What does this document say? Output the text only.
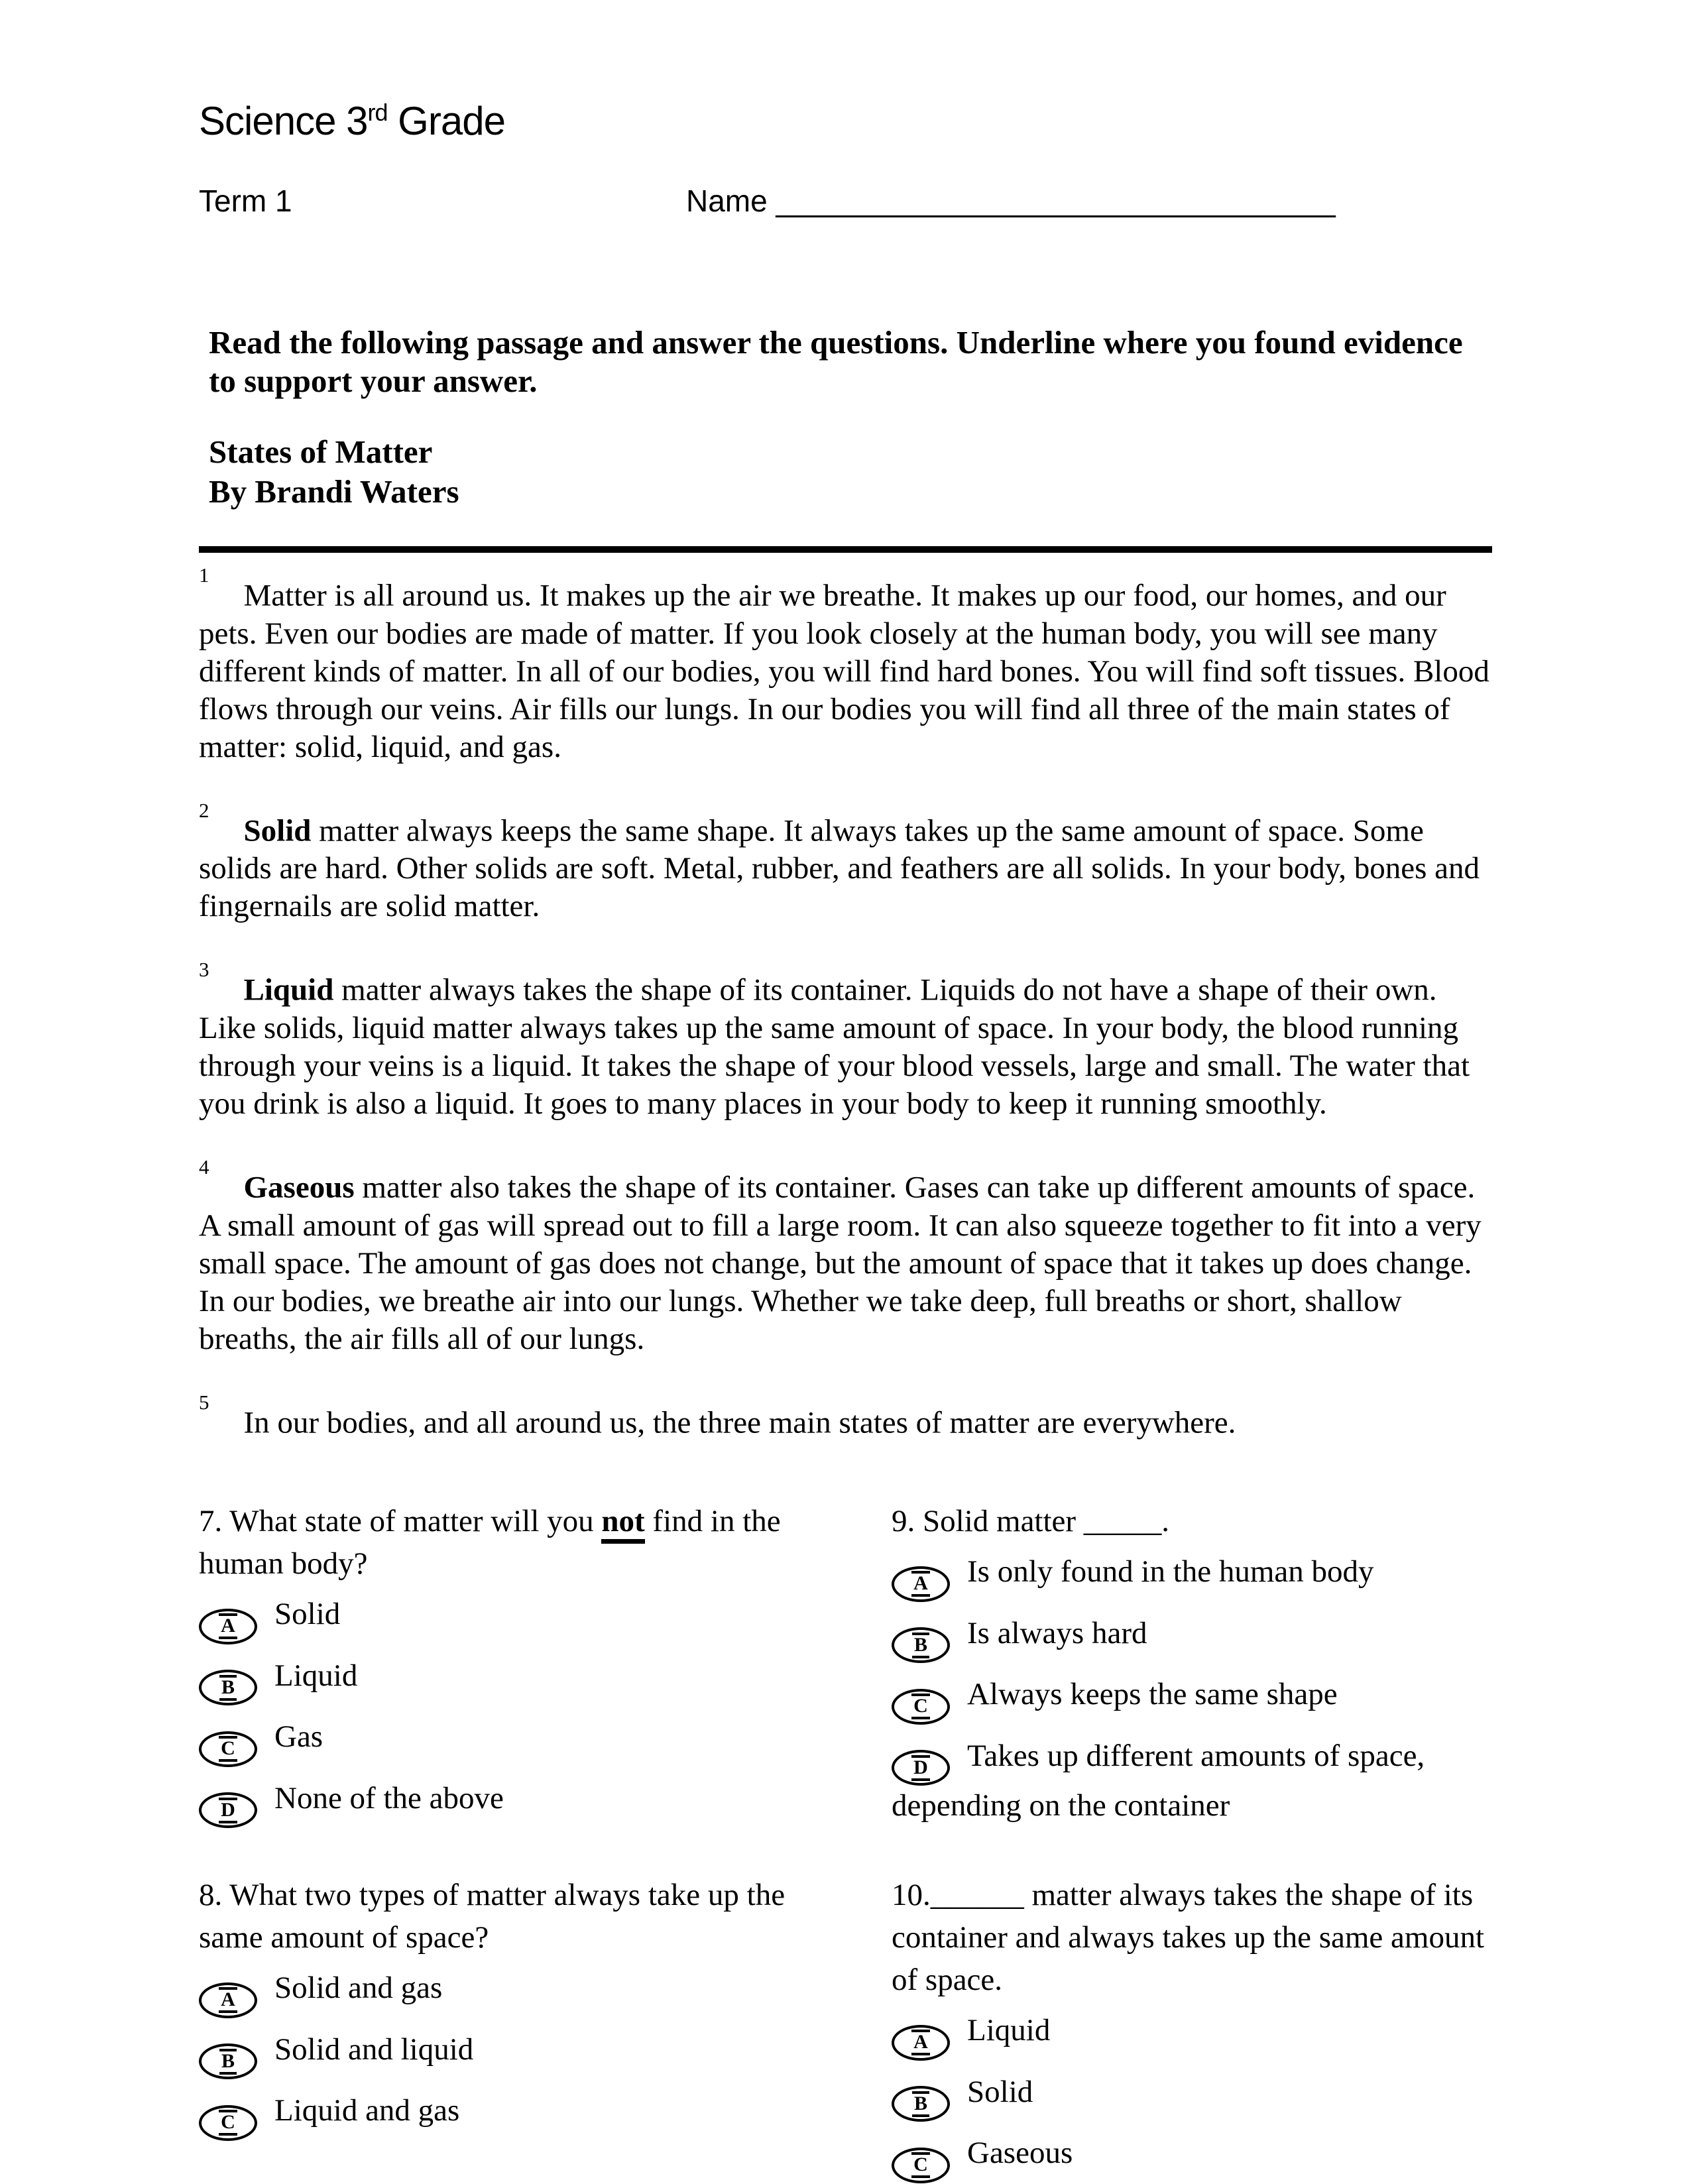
Science 3rd Grade
Term 1	Name _________________________________
Read the following passage and answer the questions. Underline where you found evidence to support your answer.
States of Matter
By Brandi Waters

$^1$Matter is all around us. It makes up the air we breathe. It makes up our food, our homes, and our pets. Even our bodies are made of matter. If you look closely at the human body, you will see many different kinds of matter. In all of our bodies, you will find hard bones. You will find soft tissues. Blood flows through our veins. Air fills our lungs. In our bodies you will find all three of the main states of matter: solid, liquid, and gas.

$^2$Solid matter always keeps the same shape. It always takes up the same amount of space. Some solids are hard. Other solids are soft. Metal, rubber, and feathers are all solids. In your body, bones and fingernails are solid matter.

$^3$Liquid matter always takes the shape of its container. Liquids do not have a shape of their own. Like solids, liquid matter always takes up the same amount of space. In your body, the blood running through your veins is a liquid. It takes the shape of your blood vessels, large and small. The water that you drink is also a liquid. It goes to many places in your body to keep it running smoothly.

$^4$Gaseous matter also takes the shape of its container. Gases can take up different amounts of space. A small amount of gas will spread out to fill a large room. It can also squeeze together to fit into a very small space. The amount of gas does not change, but the amount of space that it takes up does change. In our bodies, we breathe air into our lungs. Whether we take deep, full breaths or short, shallow breaths, the air fills all of our lungs.

$^5$In our bodies, and all around us, the three main states of matter are everywhere.

7. What state of matter will you not find in the human body?

A Solid
B Liquid
C Gas
D None of the above

9. Solid matter _____.

A Is only found in the human body
B Is always hard
C Always keeps the same shape
D Takes up different amounts of space, depending on the container

8. What two types of matter always take up the same amount of space?

A Solid and gas
B Solid and liquid
C Liquid and gas

10.______ matter always takes the shape of its container and always takes up the same amount of space.

A Liquid
B Solid
C Gaseous
